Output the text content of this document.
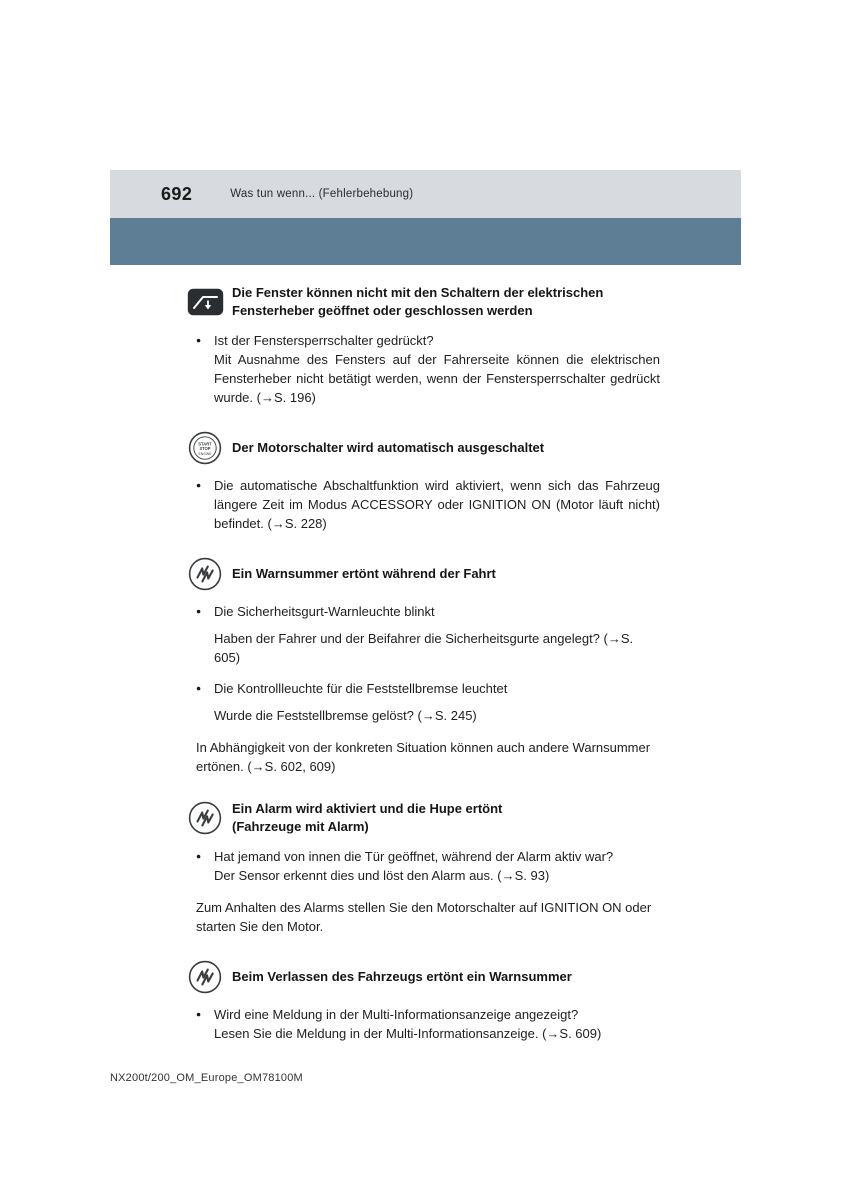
692	Was tun wenn... (Fehlerbehebung)
Die Fenster können nicht mit den Schaltern der elektrischen Fensterheber geöffnet oder geschlossen werden
● Ist der Fenstersperrschalter gedrückt?

Mit Ausnahme des Fensters auf der Fahrerseite können die elektrischen Fensterheber nicht betätigt werden, wenn der Fenstersperrschalter gedrückt wurde. (→S. 196)

START
STOP
ENGINE Der Motorschalter wird automatisch ausgeschaltet
● Die automatische Abschaltfunktion wird aktiviert, wenn sich das Fahrzeug längere Zeit im Modus ACCESSORY oder IGNITION ON (Motor läuft nicht) befindet. (→S. 228)

Ein Warnsummer ertönt während der Fahrt
● Die Sicherheitsgurt-Warnleuchte blinkt

Haben der Fahrer und der Beifahrer die Sicherheitsgurte angelegt? (→S. 605)

● Die Kontrollleuchte für die Feststellbremse leuchtet

Wurde die Feststellbremse gelöst? (→S. 245)

In Abhängigkeit von der konkreten Situation können auch andere Warnsummer ertönen. (→S. 602, 609)

Ein Alarm wird aktiviert und die Hupe ertönt
(Fahrzeuge mit Alarm)
● Hat jemand von innen die Tür geöffnet, während der Alarm aktiv war?

Der Sensor erkennt dies und löst den Alarm aus. (→S. 93)

Zum Anhalten des Alarms stellen Sie den Motorschalter auf IGNITION ON oder starten Sie den Motor.

Beim Verlassen des Fahrzeugs ertönt ein Warnsummer
● Wird eine Meldung in der Multi-Informationsanzeige angezeigt?

Lesen Sie die Meldung in der Multi-Informationsanzeige. (→S. 609)

NX200t/200_OM_Europe_OM78100M
